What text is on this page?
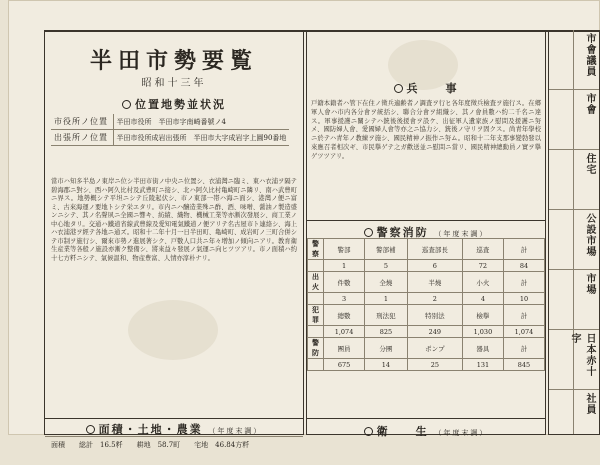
半田市勢要覧
昭和十三年
位置地勢並状況
市役所ノ位置	半田市役所　半田市字南崎番號ノ4
出張所ノ位置	半田市役所成岩出張所　半田市大字成岩字上圓90番地

當市ハ知多半島ノ東岸ニ位シ半田市街ノ中央ニ位置シ、衣浦灣ニ臨ミ、東ハ衣浦ヲ隔テ碧海郡ニ對シ、西ハ阿久比村及武豊町ニ接シ、北ハ阿久比村亀崎町ニ隣リ、南ハ武豊町ニ界ス。地勢概シテ平坦ニシテ丘陵起伏シ、市ノ東部一帯ハ海ニ面シ、港灣ノ便ニ富ミ、古來海運ノ要地トシテ栄エタリ。市内ニハ醸造業殊ニ酢、酒、味噌、醤油ノ製造盛ンニシテ、其ノ名聲夙ニ全國ニ響キ、紡績、織物、機械工業等亦漸次發展シ、商工業ノ中心地タリ。交通ハ鐵道省線武豊線及愛知電氣鐵道ノ便アリテ名古屋市ト連絡シ、海上ハ衣浦港ヲ經テ各地ニ通ズ。昭和十二年十月一日半田町、亀崎町、成岩町ノ三町合併シテ市制ヲ施行シ、爾來市勢ノ進展著シク、戸數人口共ニ年々増加ノ傾向ニアリ。教育衛生産業等各般ノ施設亦漸ク整備シ、將來益々發展ノ氣運ニ向ヒツツアリ。市ノ面積ハ約十七方粁ニシテ、氣候温和、物産豊富、人情亦淳朴ナリ。

面積・土地・農業 （年度末調）
面積　　総計　16.5粁　　耕地　58.7町　　宅地　46.84方粁
兵　　事

戸籍本籍者ハ管下在住ノ徵兵適齢者ノ調査ヲ行ヒ各年度徵兵檢査ヲ施行ス。在郷軍人會ハ市内各分會ヲ統括シ、聯合分會ヲ組織シ、其ノ會員數ハ約二千名ニ達ス。軍事援護ニ關シテハ銃後後援會ヲ設ケ、出征軍人遺家族ノ慰問及援護ニ努メ、國防婦人會、愛國婦人會等亦之ニ協力シ、銃後ノ守リヲ固クス。尚青年學校ニ於テハ青年ノ教練ヲ施シ、國民精神ノ振作ニ努ム。昭和十二年支那事變勃發以來應召者相次ギ、市民擧ゲテ之ガ歡送並ニ慰問ニ當リ、國民精神總動員ノ實ヲ擧ゲツツアリ。

警察消防 （年度末調）
警察	警部	警部補	巡査部長	巡査	計
	1	5	6	72	84
出火	件數	全燒	半燒	小火	計
	3	1	2	4	10
犯罪	總數	刑法犯	特別法	檢擧	計
	1,074	825	249	1,030	1,074
警防	團員	分團	ポンプ	器具	計
	675	14	25	131	845
衛　　生 （年度末調）
市會議員
市會
住宅
公設市場
市場
日本赤十字
社員
